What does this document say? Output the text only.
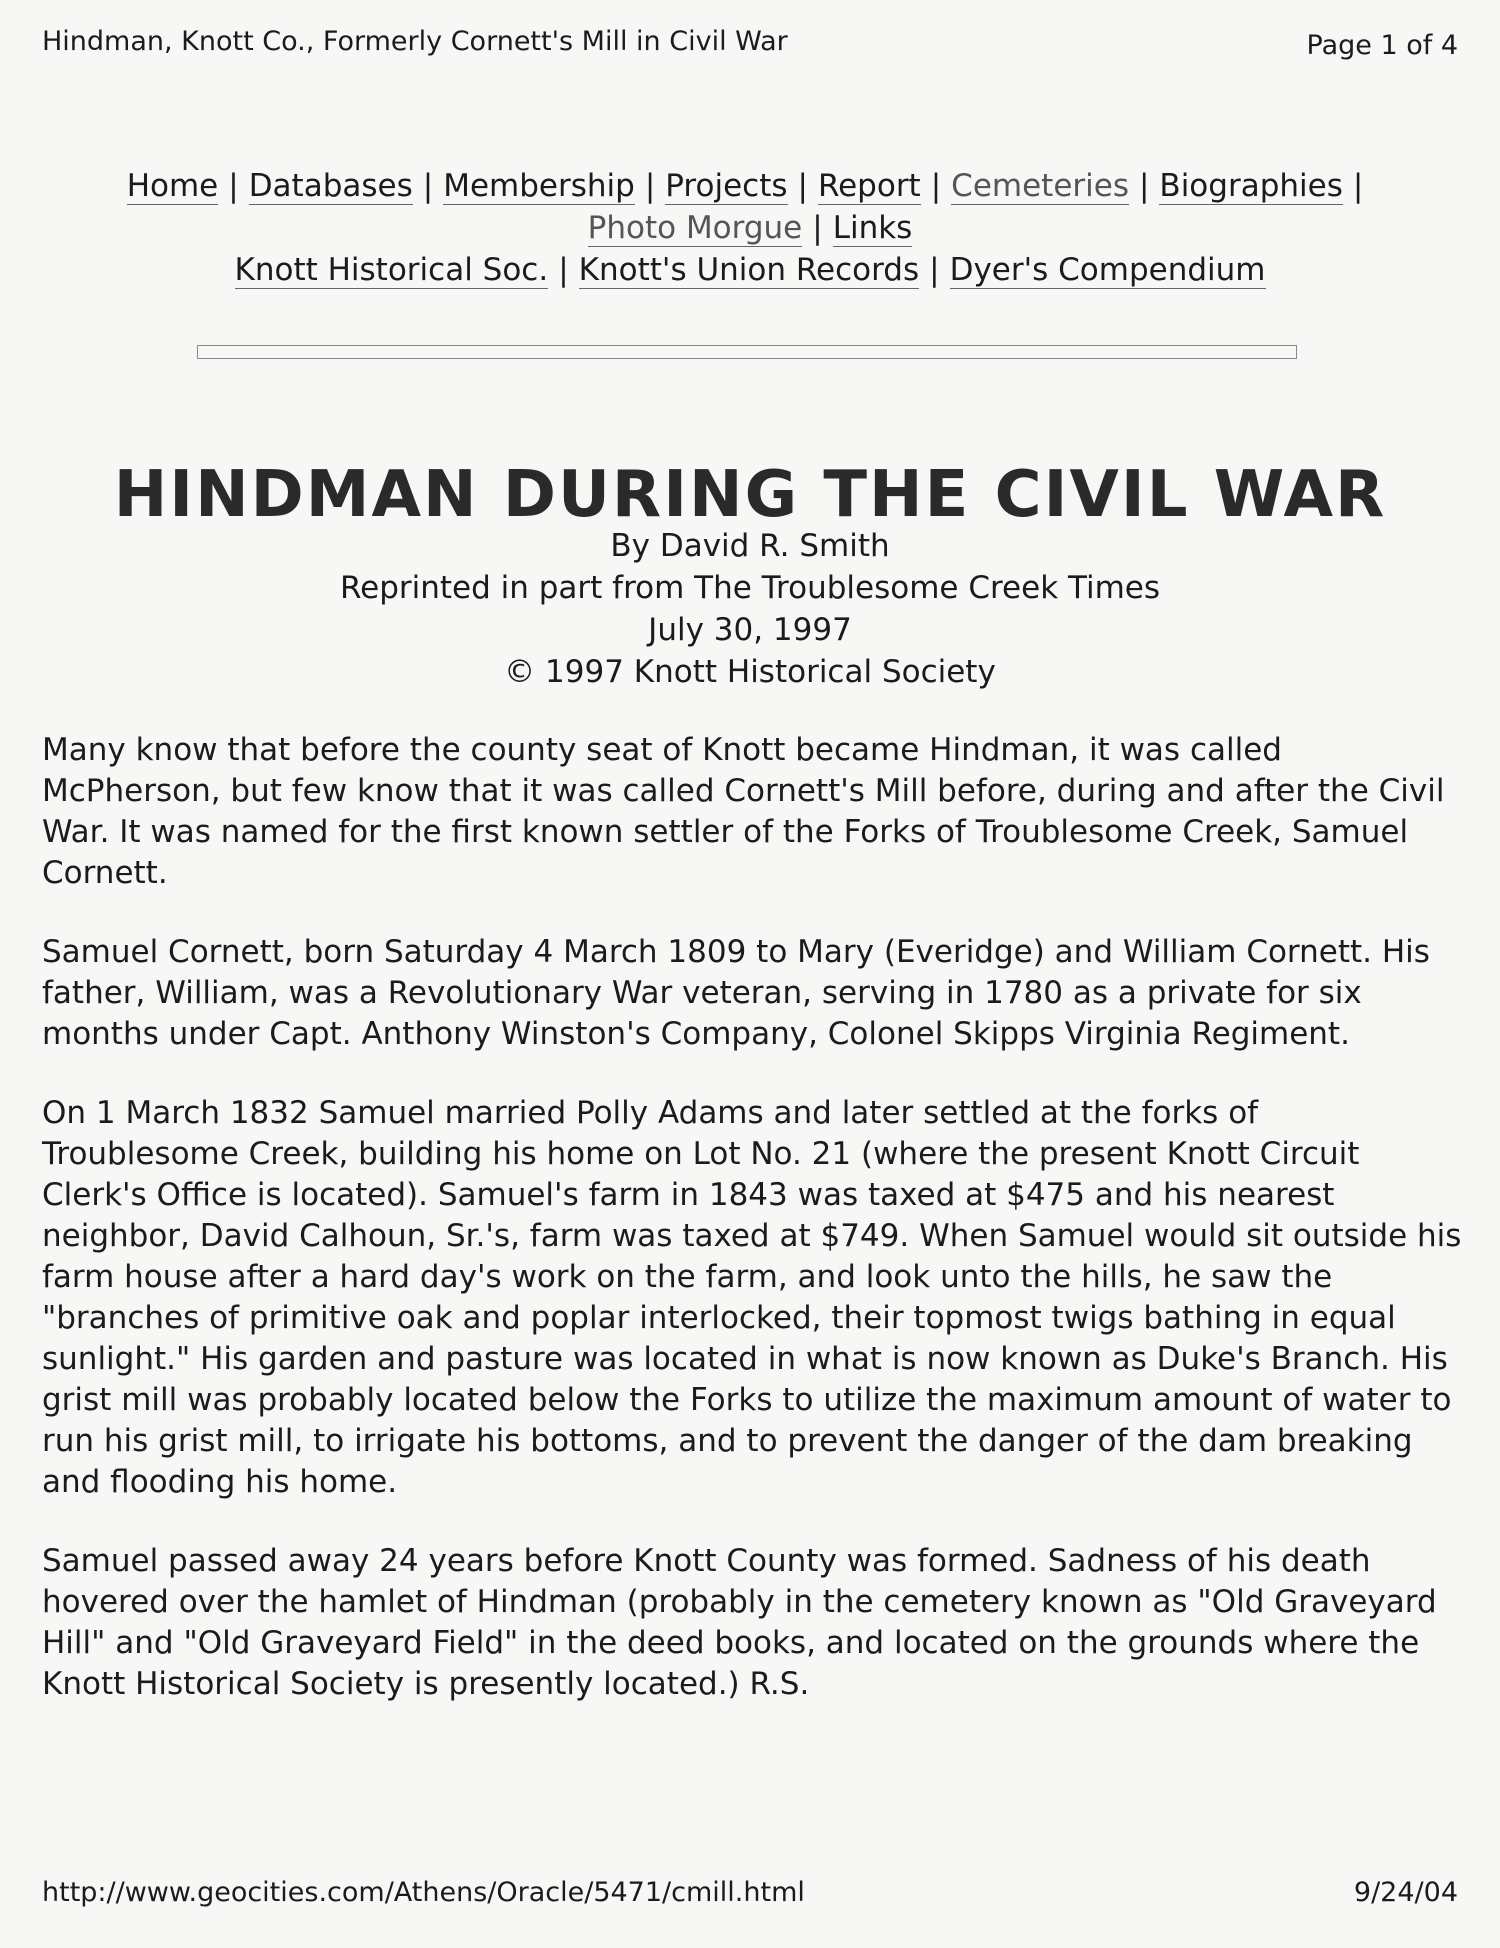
Hindman, Knott Co., Formerly Cornett's Mill in Civil War	Page 1 of 4
Home | Databases | Membership | Projects | Report | Cemeteries | Biographies |
Photo Morgue | Links
Knott Historical Soc. | Knott's Union Records | Dyer's Compendium
HINDMAN DURING THE CIVIL WAR
By David R. Smith
Reprinted in part from The Troublesome Creek Times
July 30, 1997
© 1997 Knott Historical Society

Many know that before the county seat of Knott became Hindman, it was called McPherson, but few know that it was called Cornett's Mill before, during and after the Civil War. It was named for the first known settler of the Forks of Troublesome Creek, Samuel Cornett.

Samuel Cornett, born Saturday 4 March 1809 to Mary (Everidge) and William Cornett. His father, William, was a Revolutionary War veteran, serving in 1780 as a private for six months under Capt. Anthony Winston's Company, Colonel Skipps Virginia Regiment.

On 1 March 1832 Samuel married Polly Adams and later settled at the forks of Troublesome Creek, building his home on Lot No. 21 (where the present Knott Circuit Clerk's Office is located). Samuel's farm in 1843 was taxed at $475 and his nearest neighbor, David Calhoun, Sr.'s, farm was taxed at $749. When Samuel would sit outside his farm house after a hard day's work on the farm, and look unto the hills, he saw the "branches of primitive oak and poplar interlocked, their topmost twigs bathing in equal sunlight." His garden and pasture was located in what is now known as Duke's Branch. His grist mill was probably located below the Forks to utilize the maximum amount of water to run his grist mill, to irrigate his bottoms, and to prevent the danger of the dam breaking and flooding his home.

Samuel passed away 24 years before Knott County was formed. Sadness of his death hovered over the hamlet of Hindman (probably in the cemetery known as "Old Graveyard Hill" and "Old Graveyard Field" in the deed books, and located on the grounds where the Knott Historical Society is presently located.) R.S.

http://www.geocities.com/Athens/Oracle/5471/cmill.html	9/24/04
